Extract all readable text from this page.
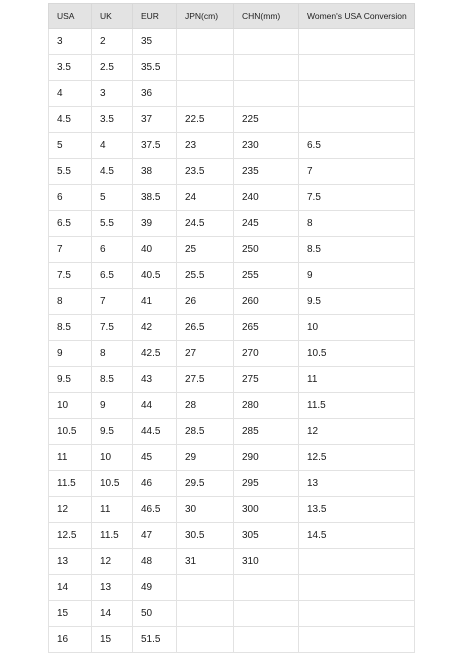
USA	UK	EUR	JPN(cm)	CHN(mm)	Women's USA Conversion
3	2	35			
3.5	2.5	35.5			
4	3	36			
4.5	3.5	37	22.5	225	
5	4	37.5	23	230	6.5
5.5	4.5	38	23.5	235	7
6	5	38.5	24	240	7.5
6.5	5.5	39	24.5	245	8
7	6	40	25	250	8.5
7.5	6.5	40.5	25.5	255	9
8	7	41	26	260	9.5
8.5	7.5	42	26.5	265	10
9	8	42.5	27	270	10.5
9.5	8.5	43	27.5	275	11
10	9	44	28	280	11.5
10.5	9.5	44.5	28.5	285	12
11	10	45	29	290	12.5
11.5	10.5	46	29.5	295	13
12	11	46.5	30	300	13.5
12.5	11.5	47	30.5	305	14.5
13	12	48	31	310	
14	13	49			
15	14	50			
16	15	51.5			
